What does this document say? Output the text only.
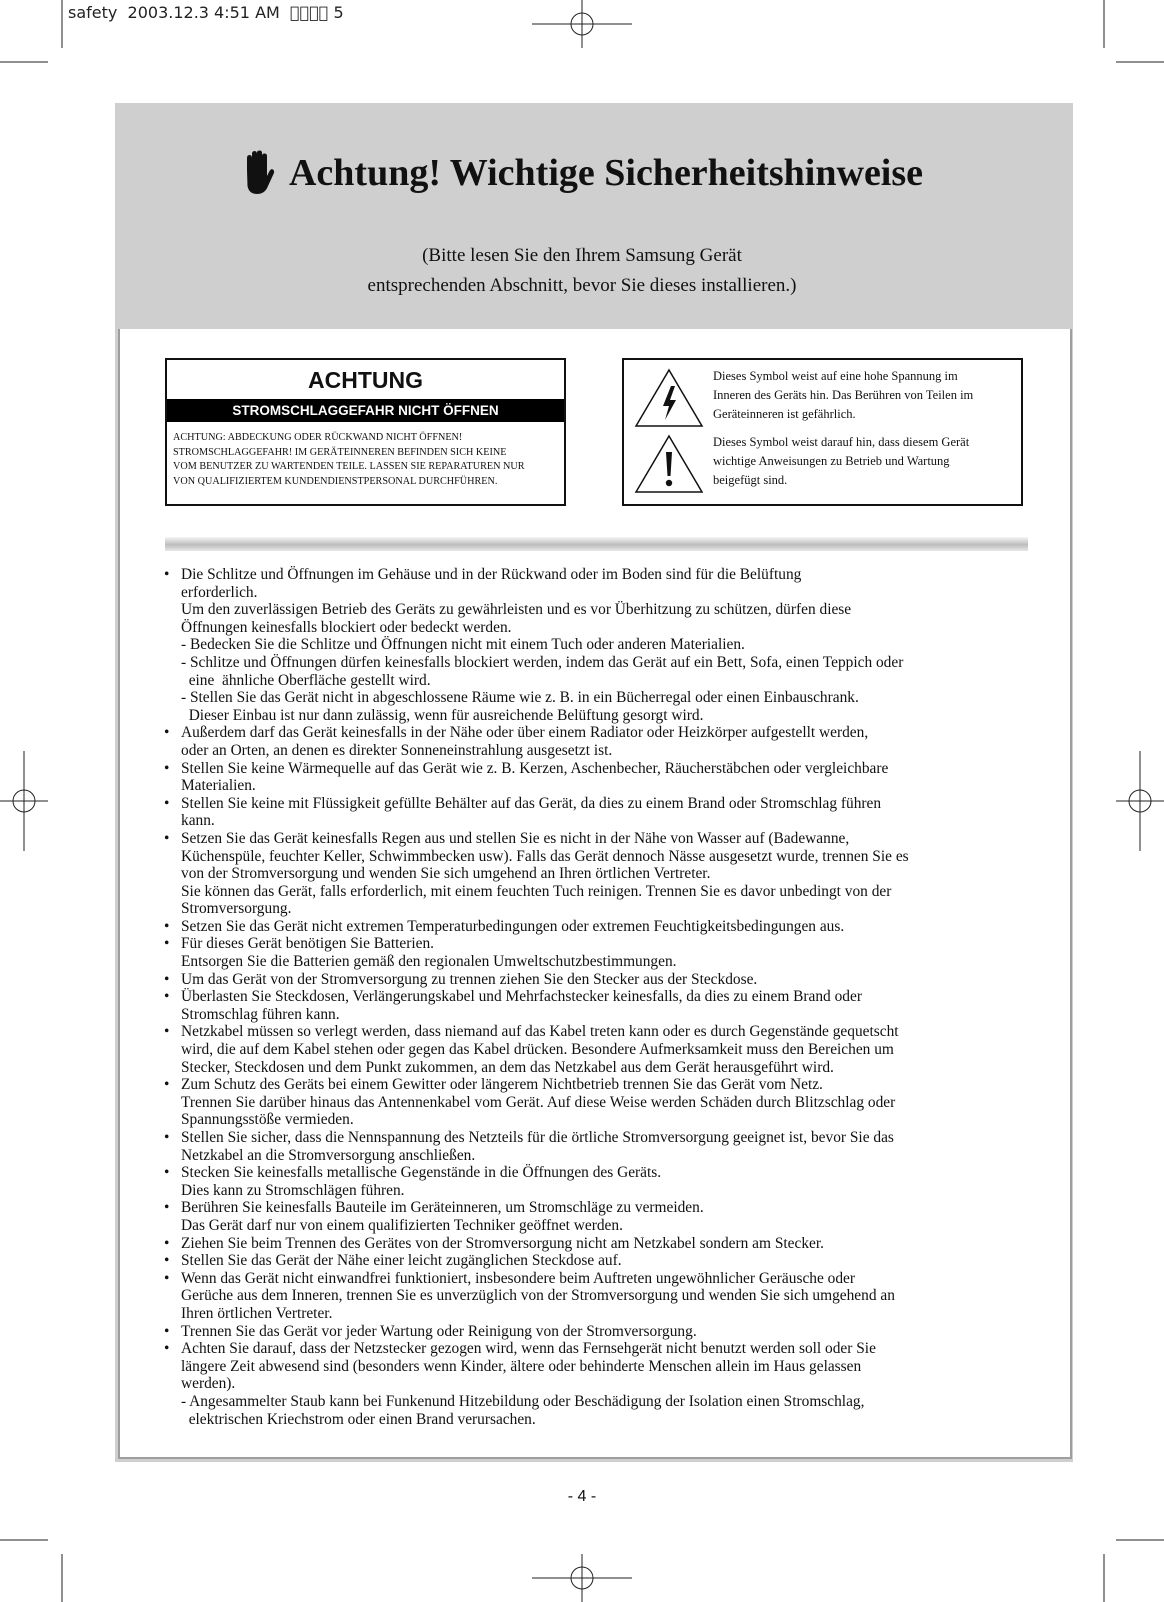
safety  2003.12.3 4:51 AM       5
Achtung! Wichtige Sicherheitshinweise
(Bitte lesen Sie den Ihrem Samsung Gerät
entsprechenden Abschnitt, bevor Sie dieses installieren.)
ACHTUNG
STROMSCHLAGGEFAHR NICHT ÖFFNEN
ACHTUNG: ABDECKUNG ODER RÜCKWAND NICHT ÖFFNEN!
STROMSCHLAGGEFAHR! IM GERÄTEINNEREN BEFINDEN SICH KEINE
VOM BENUTZER ZU WARTENDEN TEILE. LASSEN SIE REPARATUREN NUR
VON QUALIFIZIERTEM KUNDENDIENSTPERSONAL DURCHFÜHREN.
Dieses Symbol weist auf eine hohe Spannung im
Inneren des Geräts hin. Das Berühren von Teilen im
Geräteinneren ist gefährlich.
Dieses Symbol weist darauf hin, dass diesem Gerät
wichtige Anweisungen zu Betrieb und Wartung
beigefügt sind.
• Die Schlitze und Öffnungen im Gehäuse und in der Rückwand oder im Boden sind für die Belüftung
erforderlich.
Um den zuverlässigen Betrieb des Geräts zu gewährleisten und es vor Überhitzung zu schützen, dürfen diese
Öffnungen keinesfalls blockiert oder bedeckt werden.
- Bedecken Sie die Schlitze und Öffnungen nicht mit einem Tuch oder anderen Materialien.
- Schlitze und Öffnungen dürfen keinesfalls blockiert werden, indem das Gerät auf ein Bett, Sofa, einen Teppich oder
eine  ähnliche Oberfläche gestellt wird.
- Stellen Sie das Gerät nicht in abgeschlossene Räume wie z. B. in ein Bücherregal oder einen Einbauschrank.
Dieser Einbau ist nur dann zulässig, wenn für ausreichende Belüftung gesorgt wird.
• Außerdem darf das Gerät keinesfalls in der Nähe oder über einem Radiator oder Heizkörper aufgestellt werden,
oder an Orten, an denen es direkter Sonneneinstrahlung ausgesetzt ist.
• Stellen Sie keine Wärmequelle auf das Gerät wie z. B. Kerzen, Aschenbecher, Räucherstäbchen oder vergleichbare
Materialien.
• Stellen Sie keine mit Flüssigkeit gefüllte Behälter auf das Gerät, da dies zu einem Brand oder Stromschlag führen
kann.
• Setzen Sie das Gerät keinesfalls Regen aus und stellen Sie es nicht in der Nähe von Wasser auf (Badewanne,
Küchenspüle, feuchter Keller, Schwimmbecken usw). Falls das Gerät dennoch Nässe ausgesetzt wurde, trennen Sie es
von der Stromversorgung und wenden Sie sich umgehend an Ihren örtlichen Vertreter.
Sie können das Gerät, falls erforderlich, mit einem feuchten Tuch reinigen. Trennen Sie es davor unbedingt von der
Stromversorgung.
• Setzen Sie das Gerät nicht extremen Temperaturbedingungen oder extremen Feuchtigkeitsbedingungen aus.
• Für dieses Gerät benötigen Sie Batterien.
Entsorgen Sie die Batterien gemäß den regionalen Umweltschutzbestimmungen.
• Um das Gerät von der Stromversorgung zu trennen ziehen Sie den Stecker aus der Steckdose.
• Überlasten Sie Steckdosen, Verlängerungskabel und Mehrfachstecker keinesfalls, da dies zu einem Brand oder
Stromschlag führen kann.
• Netzkabel müssen so verlegt werden, dass niemand auf das Kabel treten kann oder es durch Gegenstände gequetscht
wird, die auf dem Kabel stehen oder gegen das Kabel drücken. Besondere Aufmerksamkeit muss den Bereichen um
Stecker, Steckdosen und dem Punkt zukommen, an dem das Netzkabel aus dem Gerät herausgeführt wird.
• Zum Schutz des Geräts bei einem Gewitter oder längerem Nichtbetrieb trennen Sie das Gerät vom Netz.
Trennen Sie darüber hinaus das Antennenkabel vom Gerät. Auf diese Weise werden Schäden durch Blitzschlag oder
Spannungsstöße vermieden.
• Stellen Sie sicher, dass die Nennspannung des Netzteils für die örtliche Stromversorgung geeignet ist, bevor Sie das
Netzkabel an die Stromversorgung anschließen.
• Stecken Sie keinesfalls metallische Gegenstände in die Öffnungen des Geräts.
Dies kann zu Stromschlägen führen.
• Berühren Sie keinesfalls Bauteile im Geräteinneren, um Stromschläge zu vermeiden.
Das Gerät darf nur von einem qualifizierten Techniker geöffnet werden.
• Ziehen Sie beim Trennen des Gerätes von der Stromversorgung nicht am Netzkabel sondern am Stecker.
• Stellen Sie das Gerät der Nähe einer leicht zugänglichen Steckdose auf.
• Wenn das Gerät nicht einwandfrei funktioniert, insbesondere beim Auftreten ungewöhnlicher Geräusche oder
Gerüche aus dem Inneren, trennen Sie es unverzüglich von der Stromversorgung und wenden Sie sich umgehend an
Ihren örtlichen Vertreter.
• Trennen Sie das Gerät vor jeder Wartung oder Reinigung von der Stromversorgung.
• Achten Sie darauf, dass der Netzstecker gezogen wird, wenn das Fernsehgerät nicht benutzt werden soll oder Sie
längere Zeit abwesend sind (besonders wenn Kinder, ältere oder behinderte Menschen allein im Haus gelassen
werden).
- Angesammelter Staub kann bei Funkenund Hitzebildung oder Beschädigung der Isolation einen Stromschlag,
elektrischen Kriechstrom oder einen Brand verursachen.
- 4 -
